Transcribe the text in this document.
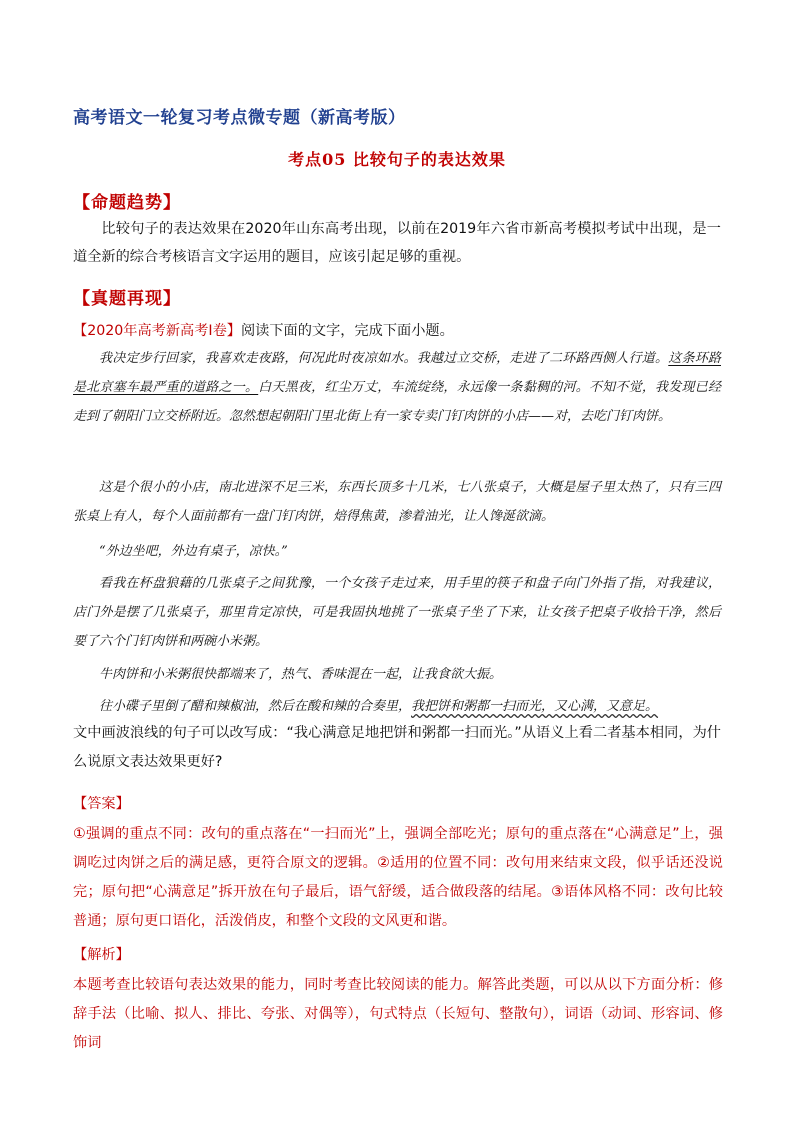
高考语文一轮复习考点微专题（新高考版）
考点05 比较句子的表达效果
【命题趋势】
比较句子的表达效果在2020年山东高考出现，以前在2019年六省市新高考模拟考试中出现，是一道全新的综合考核语言文字运用的题目，应该引起足够的重视。
【真题再现】
【2020年高考新高考Ⅰ卷】阅读下面的文字，完成下面小题。
我决定步行回家，我喜欢走夜路，何况此时夜凉如水。我越过立交桥，走进了二环路西侧人行道。这条环路是北京塞车最严重的道路之一。白天黑夜，红尘万丈，车流绽绕，永远像一条黏稠的河。不知不觉，我发现已经走到了朝阳门立交桥附近。忽然想起朝阳门里北街上有一家专卖门钉肉饼的小店——对，去吃门钉肉饼。
这是个很小的小店，南北进深不足三米，东西长顶多十几米，七八张桌子，大概是屋子里太热了，只有三四张桌上有人，每个人面前都有一盘门钉肉饼，焙得焦黄，渗着油光，让人馋涎欲滴。
“外边坐吧，外边有桌子，凉快。”
看我在杯盘狼藉的几张桌子之间犹豫，一个女孩子走过来，用手里的筷子和盘子向门外指了指，对我建议，店门外是摆了几张桌子，那里肯定凉快，可是我固执地挑了一张桌子坐了下来，让女孩子把桌子收拾干净，然后要了六个门钉肉饼和两碗小米粥。
牛肉饼和小米粥很快都端来了，热气、香味混在一起，让我食欲大振。
往小碟子里倒了醋和辣椒油，然后在酸和辣的合奏里，我把饼和粥都一扫而光，又心满，又意足。
文中画波浪线的句子可以改写成：“我心满意足地把饼和粥都一扫而光。”从语义上看二者基本相同，为什么说原文表达效果更好?
【答案】
①强调的重点不同：改句的重点落在“一扫而光”上，强调全部吃光；原句的重点落在“心满意足”上，强调吃过肉饼之后的满足感，更符合原文的逻辑。②适用的位置不同：改句用来结束文段，似乎话还没说完；原句把“心满意足”拆开放在句子最后，语气舒缓，适合做段落的结尾。③语体风格不同：改句比较普通；原句更口语化，活泼俏皮，和整个文段的文风更和谐。
【解析】
本题考查比较语句表达效果的能力，同时考查比较阅读的能力。解答此类题，可以从以下方面分析：修辞手法（比喻、拟人、排比、夸张、对偶等），句式特点（长短句、整散句），词语（动词、形容词、修饰词
